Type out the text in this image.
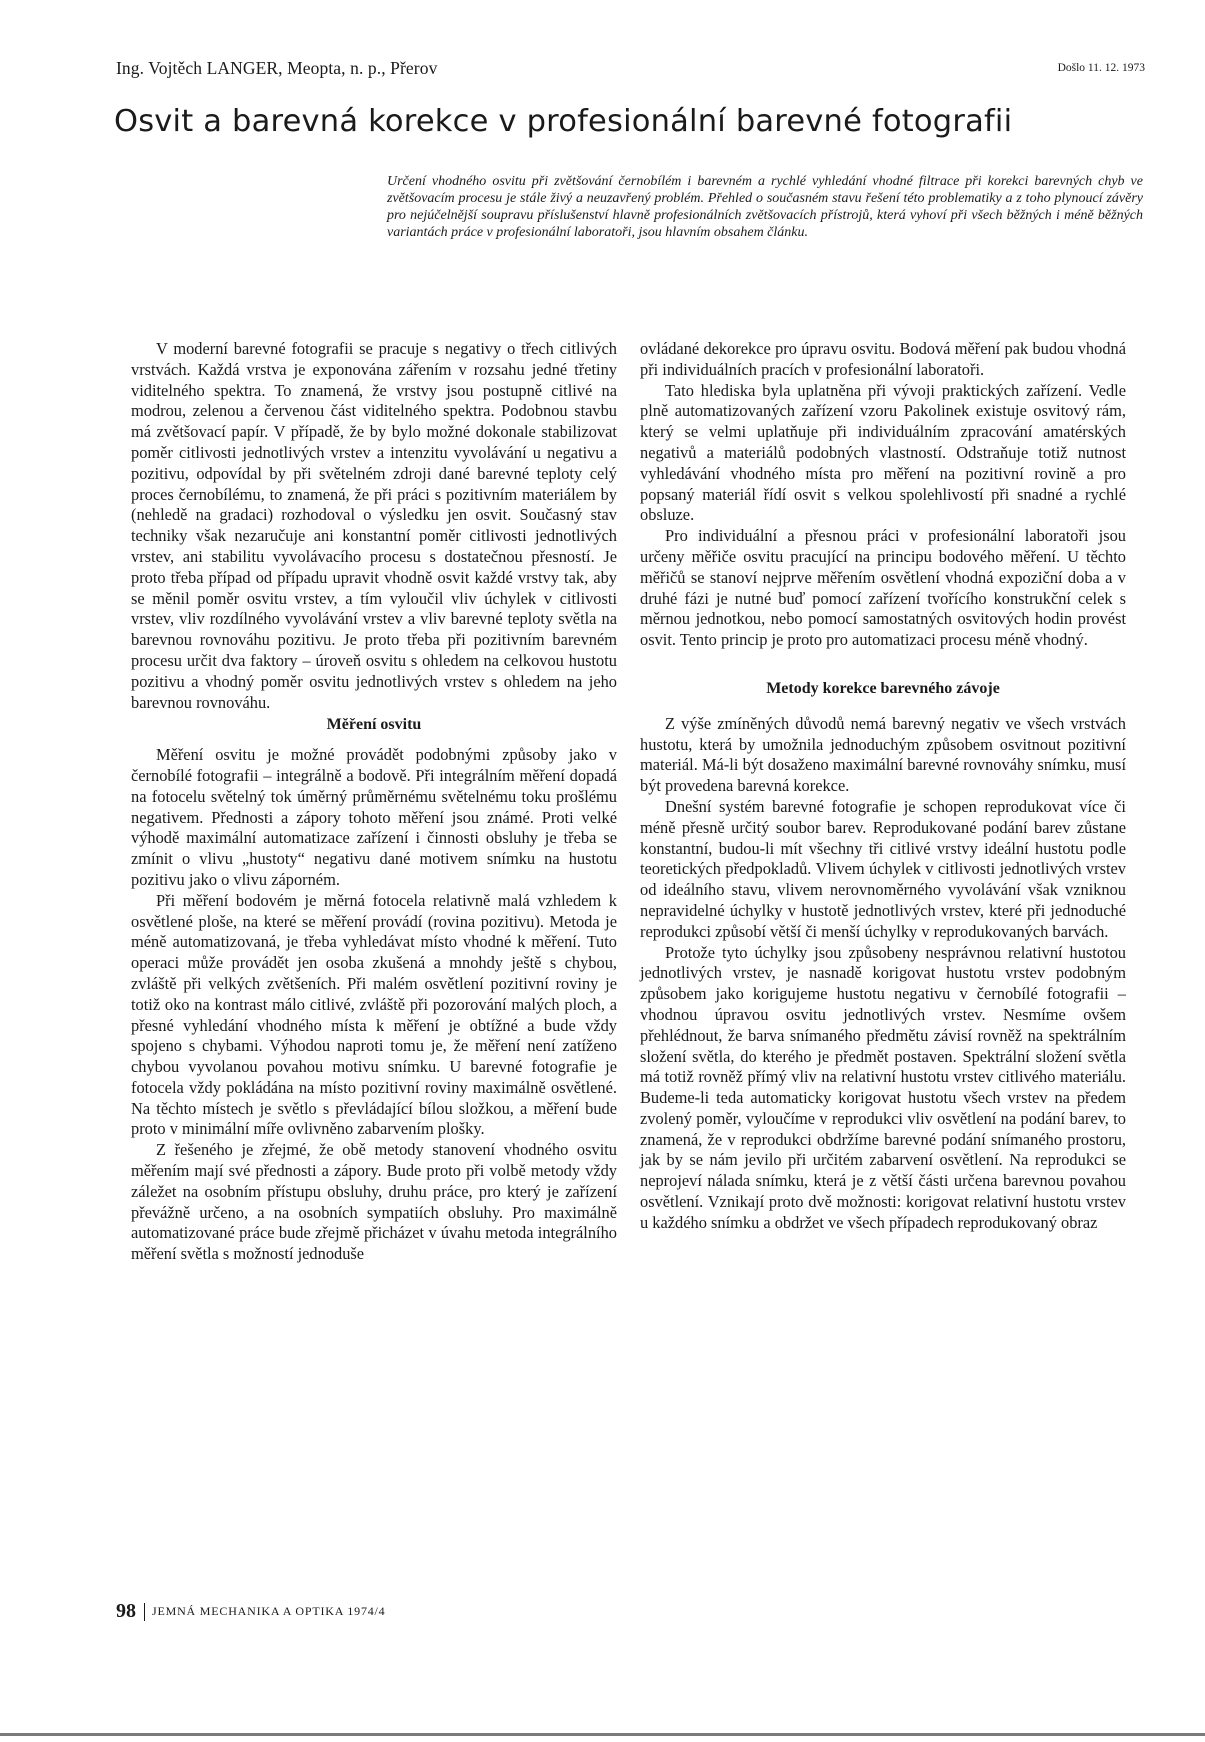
Ing. Vojtěch LANGER, Meopta, n. p., Přerov	Došlo 11. 12. 1973
Osvit a barevná korekce v profesionální barevné fotografii

Určení vhodného osvitu při zvětšování černobílém i barevném a rychlé vyhledání vhodné filtrace při korekci barevných chyb ve zvětšovacím procesu je stále živý a neuzavřený problém. Přehled o současném stavu řešení této problematiky a z toho plynoucí závěry pro nejúčelnější soupravu příslušenství hlavně profesionálních zvětšovacích přístrojů, která vyhoví při všech běžných i méně běžných variantách práce v profesionální laboratoři, jsou hlavním obsahem článku.

V moderní barevné fotografii se pracuje s negativy o třech citlivých vrstvách. Každá vrstva je exponována zářením v rozsahu jedné třetiny viditelného spektra. To znamená, že vrstvy jsou postupně citlivé na modrou, zelenou a červenou část viditelného spektra. Podobnou stavbu má zvětšovací papír. V případě, že by bylo možné dokonale stabilizovat poměr citlivosti jednotlivých vrstev a intenzitu vyvolávání u negativu a pozitivu, odpovídal by při světelném zdroji dané barevné teploty celý proces černobílému, to znamená, že při práci s pozitivním materiálem by (nehledě na gradaci) rozhodoval o výsledku jen osvit. Současný stav techniky však nezaručuje ani konstantní poměr citlivosti jednotlivých vrstev, ani stabilitu vyvolávacího procesu s dostatečnou přesností. Je proto třeba případ od případu upravit vhodně osvit každé vrstvy tak, aby se měnil poměr osvitu vrstev, a tím vyloučil vliv úchylek v citlivosti vrstev, vliv rozdílného vyvolávání vrstev a vliv barevné teploty světla na barevnou rovnováhu pozitivu. Je proto třeba při pozitivním barevném procesu určit dva faktory – úroveň osvitu s ohledem na celkovou hustotu pozitivu a vhodný poměr osvitu jednotlivých vrstev s ohledem na jeho barevnou rovnováhu.

Měření osvitu

Měření osvitu je možné provádět podobnými způsoby jako v černobílé fotografii – integrálně a bodově. Při integrálním měření dopadá na fotocelu světelný tok úměrný průměrnému světelnému toku prošlému negativem. Přednosti a zápory tohoto měření jsou známé. Proti velké výhodě maximální automatizace zařízení i činnosti obsluhy je třeba se zmínit o vlivu „hustoty“ negativu dané motivem snímku na hustotu pozitivu jako o vlivu záporném.

Při měření bodovém je měrná fotocela relativně malá vzhledem k osvětlené ploše, na které se měření provádí (rovina pozitivu). Metoda je méně automatizovaná, je třeba vyhledávat místo vhodné k měření. Tuto operaci může provádět jen osoba zkušená a mnohdy ještě s chybou, zvláště při velkých zvětšeních. Při malém osvětlení pozitivní roviny je totiž oko na kontrast málo citlivé, zvláště při pozorování malých ploch, a přesné vyhledání vhodného místa k měření je obtížné a bude vždy spojeno s chybami. Výhodou naproti tomu je, že měření není zatíženo chybou vyvolanou povahou motivu snímku. U barevné fotografie je fotocela vždy pokládána na místo pozitivní roviny maximálně osvětlené. Na těchto místech je světlo s převládající bílou složkou, a měření bude proto v minimální míře ovlivněno zabarvením plošky.

Z řešeného je zřejmé, že obě metody stanovení vhodného osvitu měřením mají své přednosti a zápory. Bude proto při volbě metody vždy záležet na osobním přístupu obsluhy, druhu práce, pro který je zařízení převážně určeno, a na osobních sympatiích obsluhy. Pro maximálně automatizované práce bude zřejmě přicházet v úvahu metoda integrálního měření světla s možností jednoduše

ovládané dekorekce pro úpravu osvitu. Bodová měření pak budou vhodná při individuálních pracích v profesionální laboratoři.

Tato hlediska byla uplatněna při vývoji praktických zařízení. Vedle plně automatizovaných zařízení vzoru Pakolinek existuje osvitový rám, který se velmi uplatňuje při individuálním zpracování amatérských negativů a materiálů podobných vlastností. Odstraňuje totiž nutnost vyhledávání vhodného místa pro měření na pozitivní rovině a pro popsaný materiál řídí osvit s velkou spolehlivostí při snadné a rychlé obsluze.

Pro individuální a přesnou práci v profesionální laboratoři jsou určeny měřiče osvitu pracující na principu bodového měření. U těchto měřičů se stanoví nejprve měřením osvětlení vhodná expoziční doba a v druhé fázi je nutné buď pomocí zařízení tvořícího konstrukční celek s měrnou jednotkou, nebo pomocí samostatných osvitových hodin provést osvit. Tento princip je proto pro automatizaci procesu méně vhodný.

Metody korekce barevného závoje

Z výše zmíněných důvodů nemá barevný negativ ve všech vrstvách hustotu, která by umožnila jednoduchým způsobem osvitnout pozitivní materiál. Má-li být dosaženo maximální barevné rovnováhy snímku, musí být provedena barevná korekce.

Dnešní systém barevné fotografie je schopen reprodukovat více či méně přesně určitý soubor barev. Reprodukované podání barev zůstane konstantní, budou-li mít všechny tři citlivé vrstvy ideální hustotu podle teoretických předpokladů. Vlivem úchylek v citlivosti jednotlivých vrstev od ideálního stavu, vlivem nerovnoměrného vyvolávání však vzniknou nepravidelné úchylky v hustotě jednotlivých vrstev, které při jednoduché reprodukci způsobí větší či menší úchylky v reprodukovaných barvách.

Protože tyto úchylky jsou způsobeny nesprávnou relativní hustotou jednotlivých vrstev, je nasnadě korigovat hustotu vrstev podobným způsobem jako korigujeme hustotu negativu v černobílé fotografii – vhodnou úpravou osvitu jednotlivých vrstev. Nesmíme ovšem přehlédnout, že barva snímaného předmětu závisí rovněž na spektrálním složení světla, do kterého je předmět postaven. Spektrální složení světla má totiž rovněž přímý vliv na relativní hustotu vrstev citlivého materiálu. Budeme-li teda automaticky korigovat hustotu všech vrstev na předem zvolený poměr, vyloučíme v reprodukci vliv osvětlení na podání barev, to znamená, že v reprodukci obdržíme barevné podání snímaného prostoru, jak by se nám jevilo při určitém zabarvení osvětlení. Na reprodukci se neprojeví nálada snímku, která je z větší části určena barevnou povahou osvětlení. Vznikají proto dvě možnosti: korigovat relativní hustotu vrstev u každého snímku a obdržet ve všech případech reprodukovaný obraz

98 JEMNÁ MECHANIKA A OPTIKA 1974/4
